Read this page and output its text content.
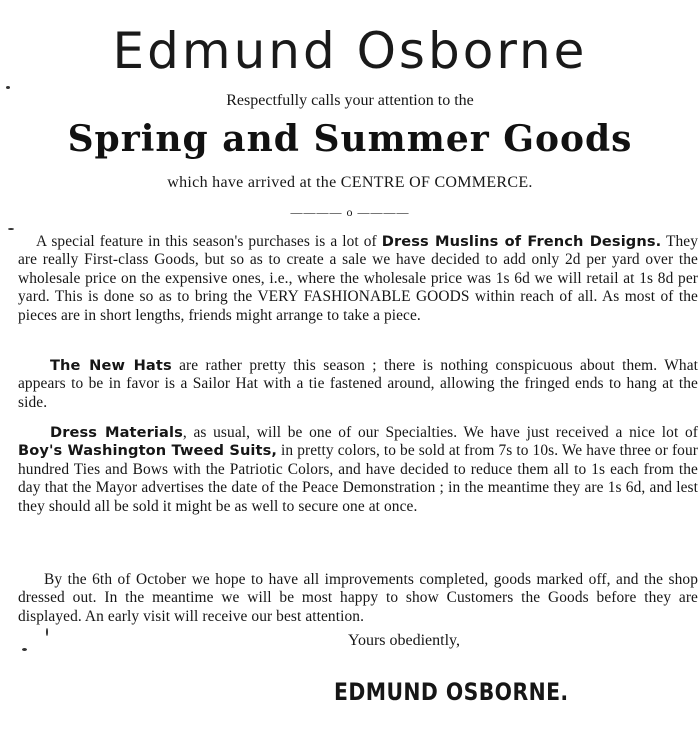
Edmund Osborne

Respectfully calls your attention to the

Spring and Summer Goods

which have arrived at the CENTRE OF COMMERCE.

———— o ————

A special feature in this season's purchases is a lot of Dress Muslins of French Designs. They are really First-class Goods, but so as to create a sale we have decided to add only 2d per yard over the wholesale price on the expensive ones, i.e., where the wholesale price was 1s 6d we will retail at 1s 8d per yard. This is done so as to bring the VERY FASHIONABLE GOODS within reach of all. As most of the pieces are in short lengths, friends might arrange to take a piece.

The New Hats are rather pretty this season ; there is nothing conspicuous about them. What appears to be in favor is a Sailor Hat with a tie fastened around, allowing the fringed ends to hang at the side.

Dress Materials, as usual, will be one of our Specialties. We have just received a nice lot of Boy's Washington Tweed Suits, in pretty colors, to be sold at from 7s to 10s. We have three or four hundred Ties and Bows with the Patriotic Colors, and have decided to reduce them all to 1s each from the day that the Mayor advertises the date of the Peace Demonstration ; in the meantime they are 1s 6d, and lest they should all be sold it might be as well to secure one at once.

By the 6th of October we hope to have all improvements completed, goods marked off, and the shop dressed out. In the meantime we will be most happy to show Customers the Goods before they are displayed. An early visit will receive our best attention.

Yours obediently,

EDMUND OSBORNE.
